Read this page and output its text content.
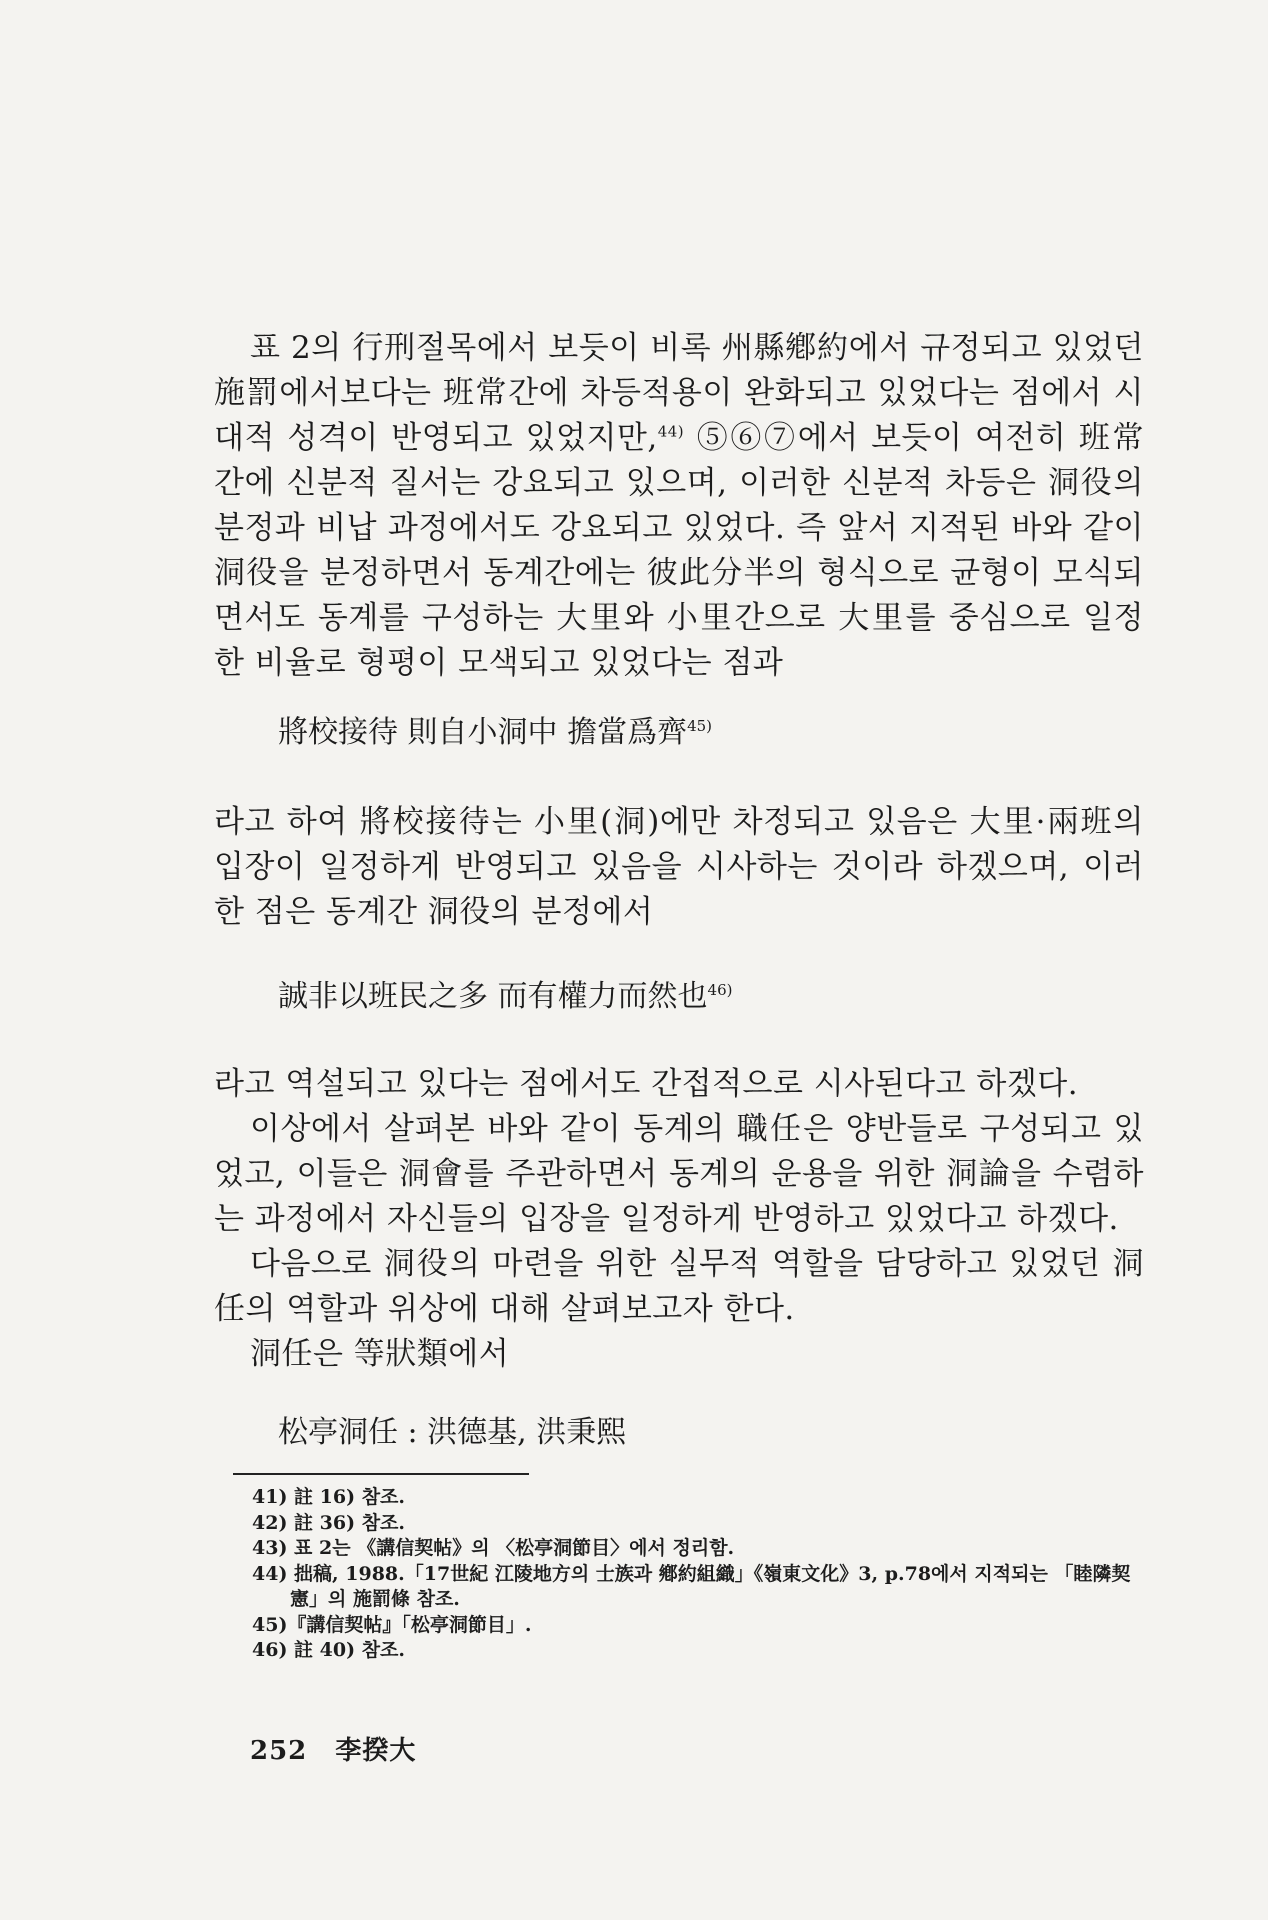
표 2의 行刑절목에서 보듯이 비록 州縣鄕約에서 규정되고 있었던 施罰에서보다는 班常간에 차등적용이 완화되고 있었다는 점에서 시대적 성격이 반영되고 있었지만,$^{44)}$ ⑤⑥⑦에서 보듯이 여전히 班常간에 신분적 질서는 강요되고 있으며, 이러한 신분적 차등은 洞役의 분정과 비납 과정에서도 강요되고 있었다. 즉 앞서 지적된 바와 같이 洞役을 분정하면서 동계간에는 彼此分半의 형식으로 균형이 모식되면서도 동계를 구성하는 大里와 小里간으로 大里를 중심으로 일정한 비율로 형평이 모색되고 있었다는 점과

將校接待 則自小洞中 擔當爲齊$^{45)}$

라고 하여 將校接待는 小里(洞)에만 차정되고 있음은 大里·兩班의 입장이 일정하게 반영되고 있음을 시사하는 것이라 하겠으며, 이러한 점은 동계간 洞役의 분정에서

誠非以班民之多 而有權力而然也$^{46)}$

라고 역설되고 있다는 점에서도 간접적으로 시사된다고 하겠다.

이상에서 살펴본 바와 같이 동계의 職任은 양반들로 구성되고 있었고, 이들은 洞會를 주관하면서 동계의 운용을 위한 洞論을 수렴하는 과정에서 자신들의 입장을 일정하게 반영하고 있었다고 하겠다.

다음으로 洞役의 마련을 위한 실무적 역할을 담당하고 있었던 洞任의 역할과 위상에 대해 살펴보고자 한다.

洞任은 等狀類에서

松亭洞任 : 洪德基, 洪秉熙

41) 註 16) 참조.
42) 註 36) 참조.
43) 표 2는 《講信契帖》의 〈松亭洞節目〉에서 정리함.
44) 拙稿, 1988.「17世紀 江陵地方의 士族과 鄕約組織」《嶺東文化》3, p.78에서 지적되는 「睦隣契憲」의 施罰條 참조.
45)『講信契帖』「松亭洞節目」.
46) 註 40) 참조.
252 李揆大
